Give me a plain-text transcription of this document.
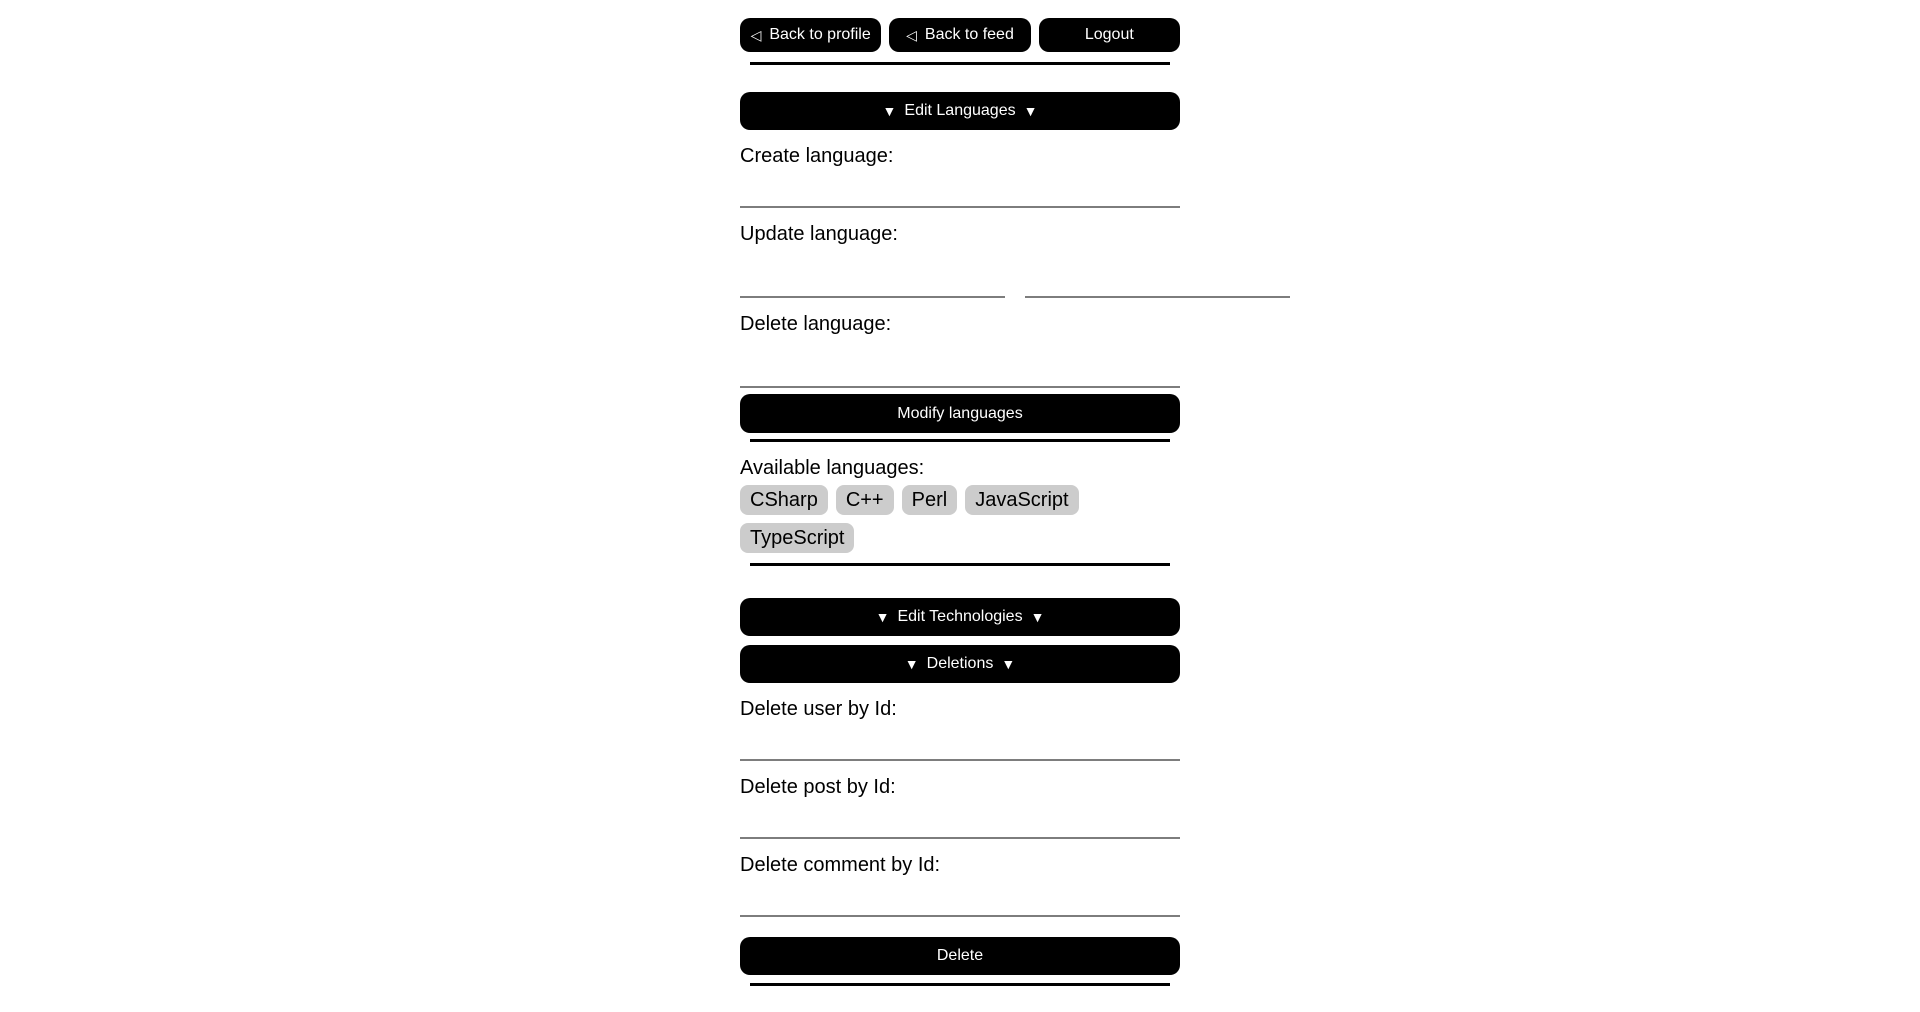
◁ Back to profile	◁ Back to feed	Logout
▼ Edit Languages ▼
Create language:
Update language:
Delete language:
Modify languages
Available languages:
CSharp	C++	Perl	JavaScript
TypeScript
▼ Edit Technologies ▼

▼ Deletions ▼
Delete user by Id:
Delete post by Id:
Delete comment by Id:
Delete
